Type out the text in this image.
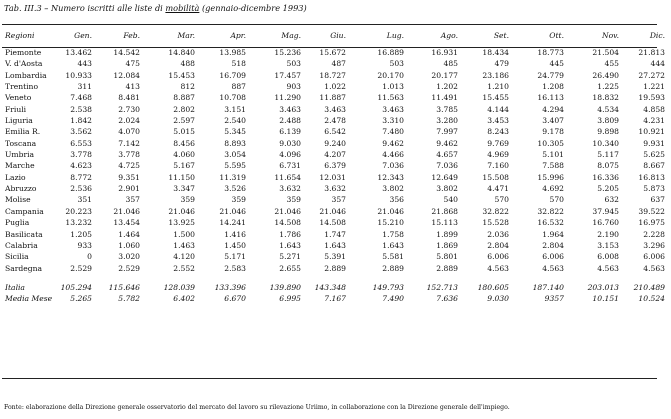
Tab. III.3 – Numero iscritti alle liste di mobilità (gennaio-dicembre 1993)
Regioni	Gen.	Feb.	Mar.	Apr.	Mag.	Giu.	Lug.	Ago.	Set.	Ott.	Nov.	Dic.
Piemonte	13.462	14.542	14.840	13.985	15.236	15.672	16.889	16.931	18.434	18.773	21.504	21.813
V. d'Aosta	443	475	488	518	503	487	503	485	479	445	455	444
Lombardia	10.933	12.084	15.453	16.709	17.457	18.727	20.170	20.177	23.186	24.779	26.490	27.272
Trentino	311	413	812	887	903	1.022	1.013	1.202	1.210	1.208	1.225	1.221
Veneto	7.468	8.481	8.887	10.708	11.290	11.887	11.563	11.491	15.455	16.113	18.832	19.593
Friuli	2.538	2.730	2.802	3.151	3.463	3.463	3.463	3.785	4.144	4.294	4.534	4.858
Liguria	1.842	2.024	2.597	2.540	2.488	2.478	3.310	3.280	3.453	3.407	3.809	4.231
Emilia R.	3.562	4.070	5.015	5.345	6.139	6.542	7.480	7.997	8.243	9.178	9.898	10.921
Toscana	6.553	7.142	8.456	8.893	9.030	9.240	9.462	9.462	9.769	10.305	10.340	9.931
Umbria	3.778	3.778	4.060	3.054	4.096	4.207	4.466	4.657	4.969	5.101	5.117	5.625
Marche	4.623	4.725	5.167	5.595	6.731	6.379	7.036	7.036	7.160	7.588	8.075	8.667
Lazio	8.772	9.351	11.150	11.319	11.654	12.031	12.343	12.649	15.508	15.996	16.336	16.813
Abruzzo	2.536	2.901	3.347	3.526	3.632	3.632	3.802	3.802	4.471	4.692	5.205	5.873
Molise	351	357	359	359	359	357	356	540	570	570	632	637
Campania	20.223	21.046	21.046	21.046	21.046	21.046	21.046	21.868	32.822	32.822	37.945	39.522
Puglia	13.232	13.454	13.925	14.241	14.508	14.508	15.210	15.113	15.528	16.532	16.760	16.975
Basilicata	1.205	1.464	1.500	1.416	1.786	1.747	1.758	1.899	2.036	1.964	2.190	2.228
Calabria	933	1.060	1.463	1.450	1.643	1.643	1.643	1.869	2.804	2.804	3.153	3.296
Sicilia	0	3.020	4.120	5.171	5.271	5.391	5.581	5.801	6.006	6.006	6.008	6.006
Sardegna	2.529	2.529	2.552	2.583	2.655	2.889	2.889	2.889	4.563	4.563	4.563	4.563

Italia	105.294	115.646	128.039	133.396	139.890	143.348	149.793	152.713	180.605	187.140	203.013	210.489
Media Mese	5.265	5.782	6.402	6.670	6.995	7.167	7.490	7.636	9.030	9357	10.151	10.524
Fonte: elaborazione della Direzione generale osservatorio del mercato del lavoro su rilevazione Uriimo, in collaborazione con la Direzione generale dell'impiego.
